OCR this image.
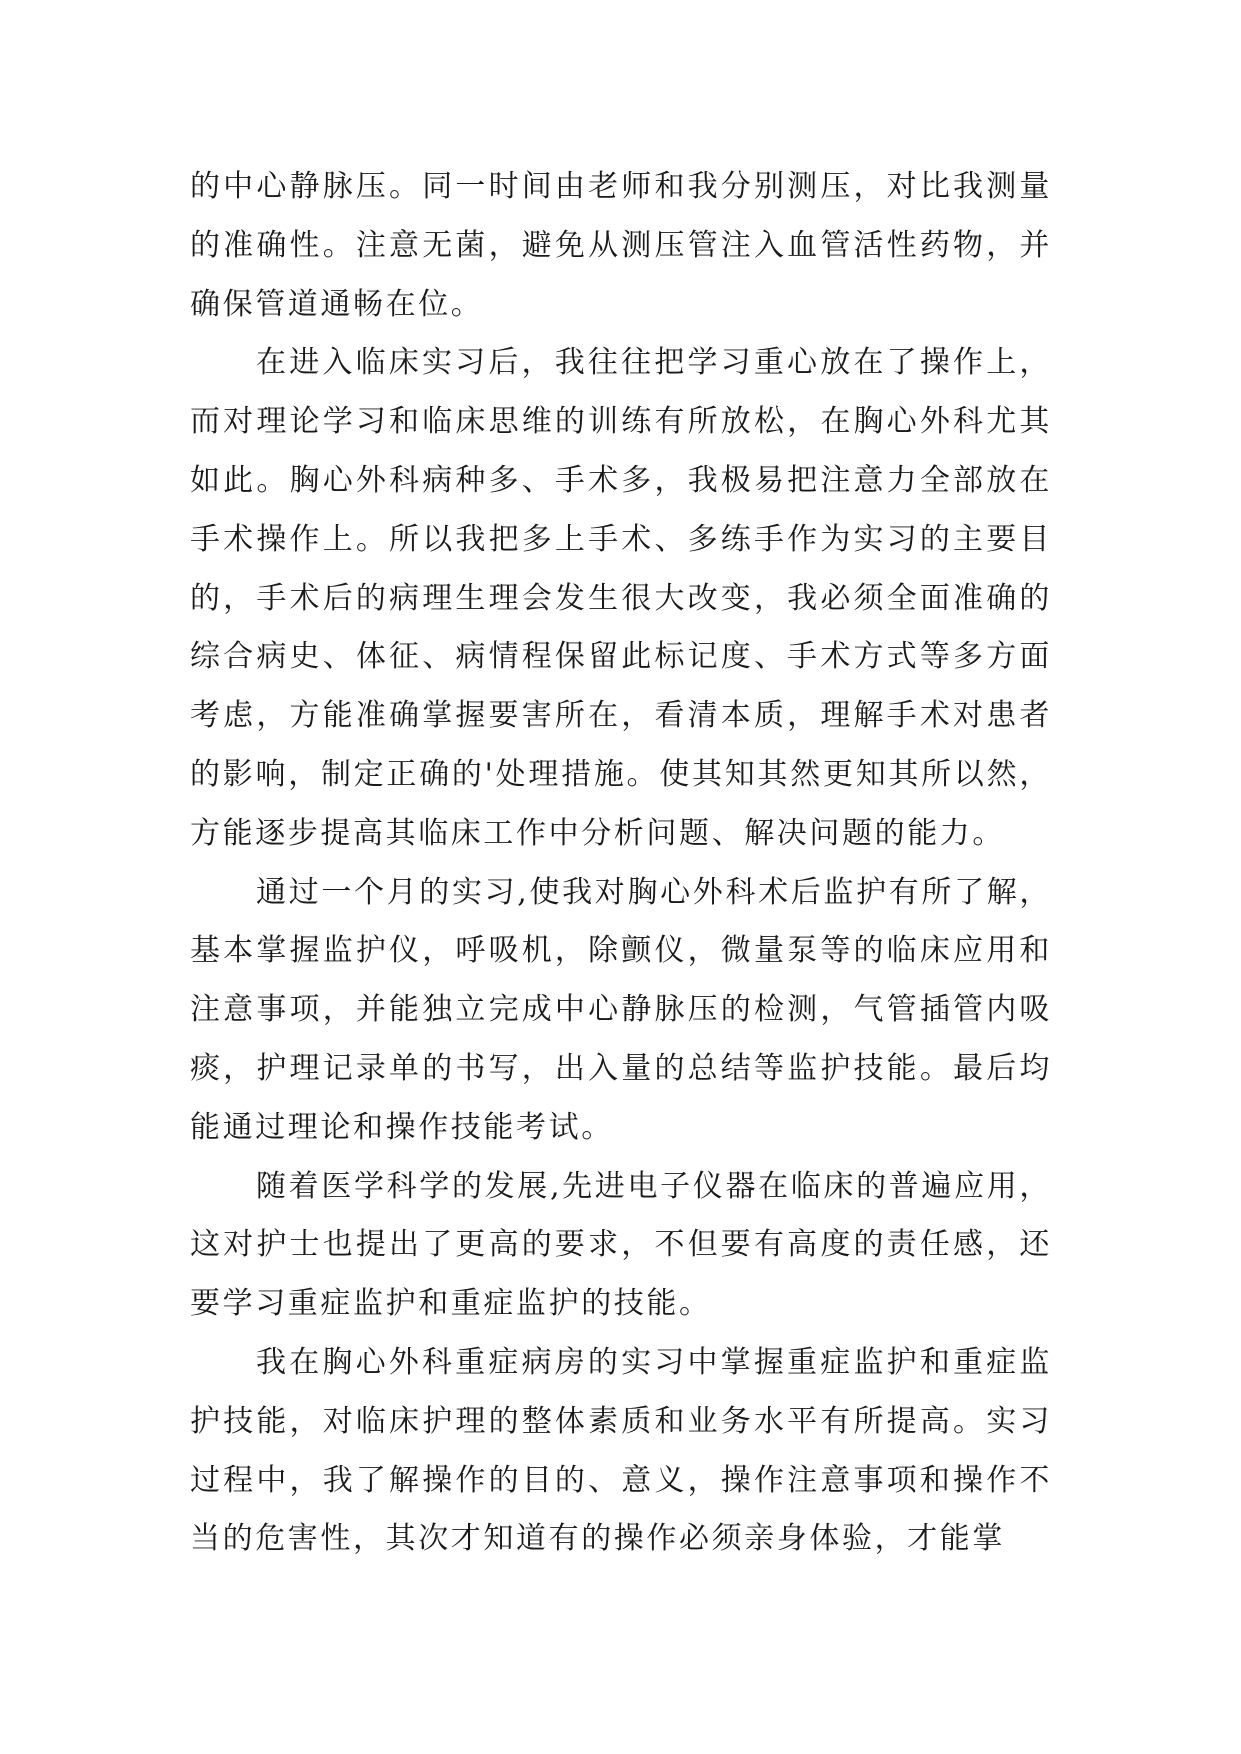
的中心静脉压。同一时间由老师和我分别测压，对比我测量的准确性。注意无菌，避免从测压管注入血管活性药物，并确保管道通畅在位。

在进入临床实习后，我往往把学习重心放在了操作上，而对理论学习和临床思维的训练有所放松，在胸心外科尤其如此。胸心外科病种多、手术多，我极易把注意力全部放在手术操作上。所以我把多上手术、多练手作为实习的主要目的，手术后的病理生理会发生很大改变，我必须全面准确的综合病史、体征、病情程保留此标记度、手术方式等多方面考虑，方能准确掌握要害所在，看清本质，理解手术对患者的影响，制定正确的'处理措施。使其知其然更知其所以然，方能逐步提高其临床工作中分析问题、解决问题的能力。

通过一个月的实习,使我对胸心外科术后监护有所了解，基本掌握监护仪，呼吸机，除颤仪，微量泵等的临床应用和注意事项，并能独立完成中心静脉压的检测，气管插管内吸痰，护理记录单的书写，出入量的总结等监护技能。最后均能通过理论和操作技能考试。

随着医学科学的发展,先进电子仪器在临床的普遍应用，这对护士也提出了更高的要求，不但要有高度的责任感，还要学习重症监护和重症监护的技能。

我在胸心外科重症病房的实习中掌握重症监护和重症监护技能，对临床护理的整体素质和业务水平有所提高。实习过程中，我了解操作的目的、意义，操作注意事项和操作不当的危害性，其次才知道有的操作必须亲身体验，才能掌
